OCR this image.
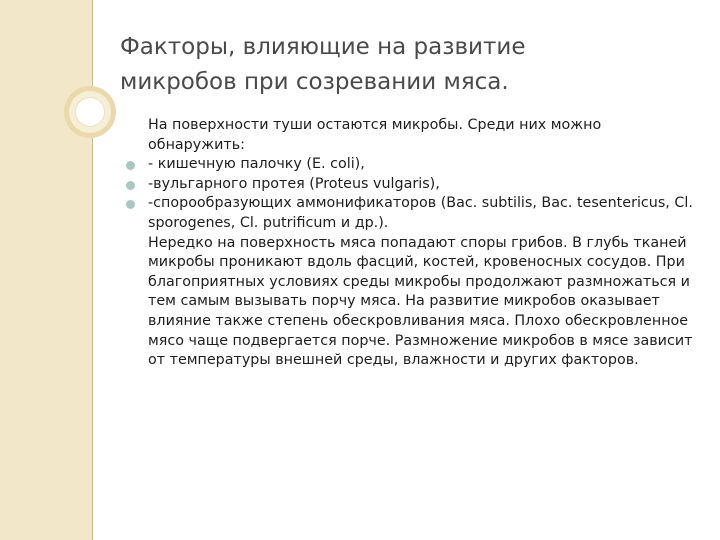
Факторы, влияющие на развитие
микробов при созревании мяса.
На поверхности туши остаются микробы. Среди них можно обнаружить:
- кишечную палочку (E. coli),
-вульгарного протея (Proteus vulgaris),
-спорообразующих аммонификаторов (Bac. subtilis, Bac. tesentericus, Cl. sporogenes, Cl. putrificum и др.).
Нередко на поверхность мяса попадают споры грибов. В глубь тканей микробы проникают вдоль фасций, костей, кровеносных сосудов. При благоприятных условиях среды микробы продолжают размножаться и тем самым вызывать порчу мяса. На развитие микробов оказывает влияние также степень обескровливания мяса. Плохо обескровленное мясо чаще подвергается порче. Размножение микробов в мясе зависит от температуры внешней среды, влажности и других факторов.
